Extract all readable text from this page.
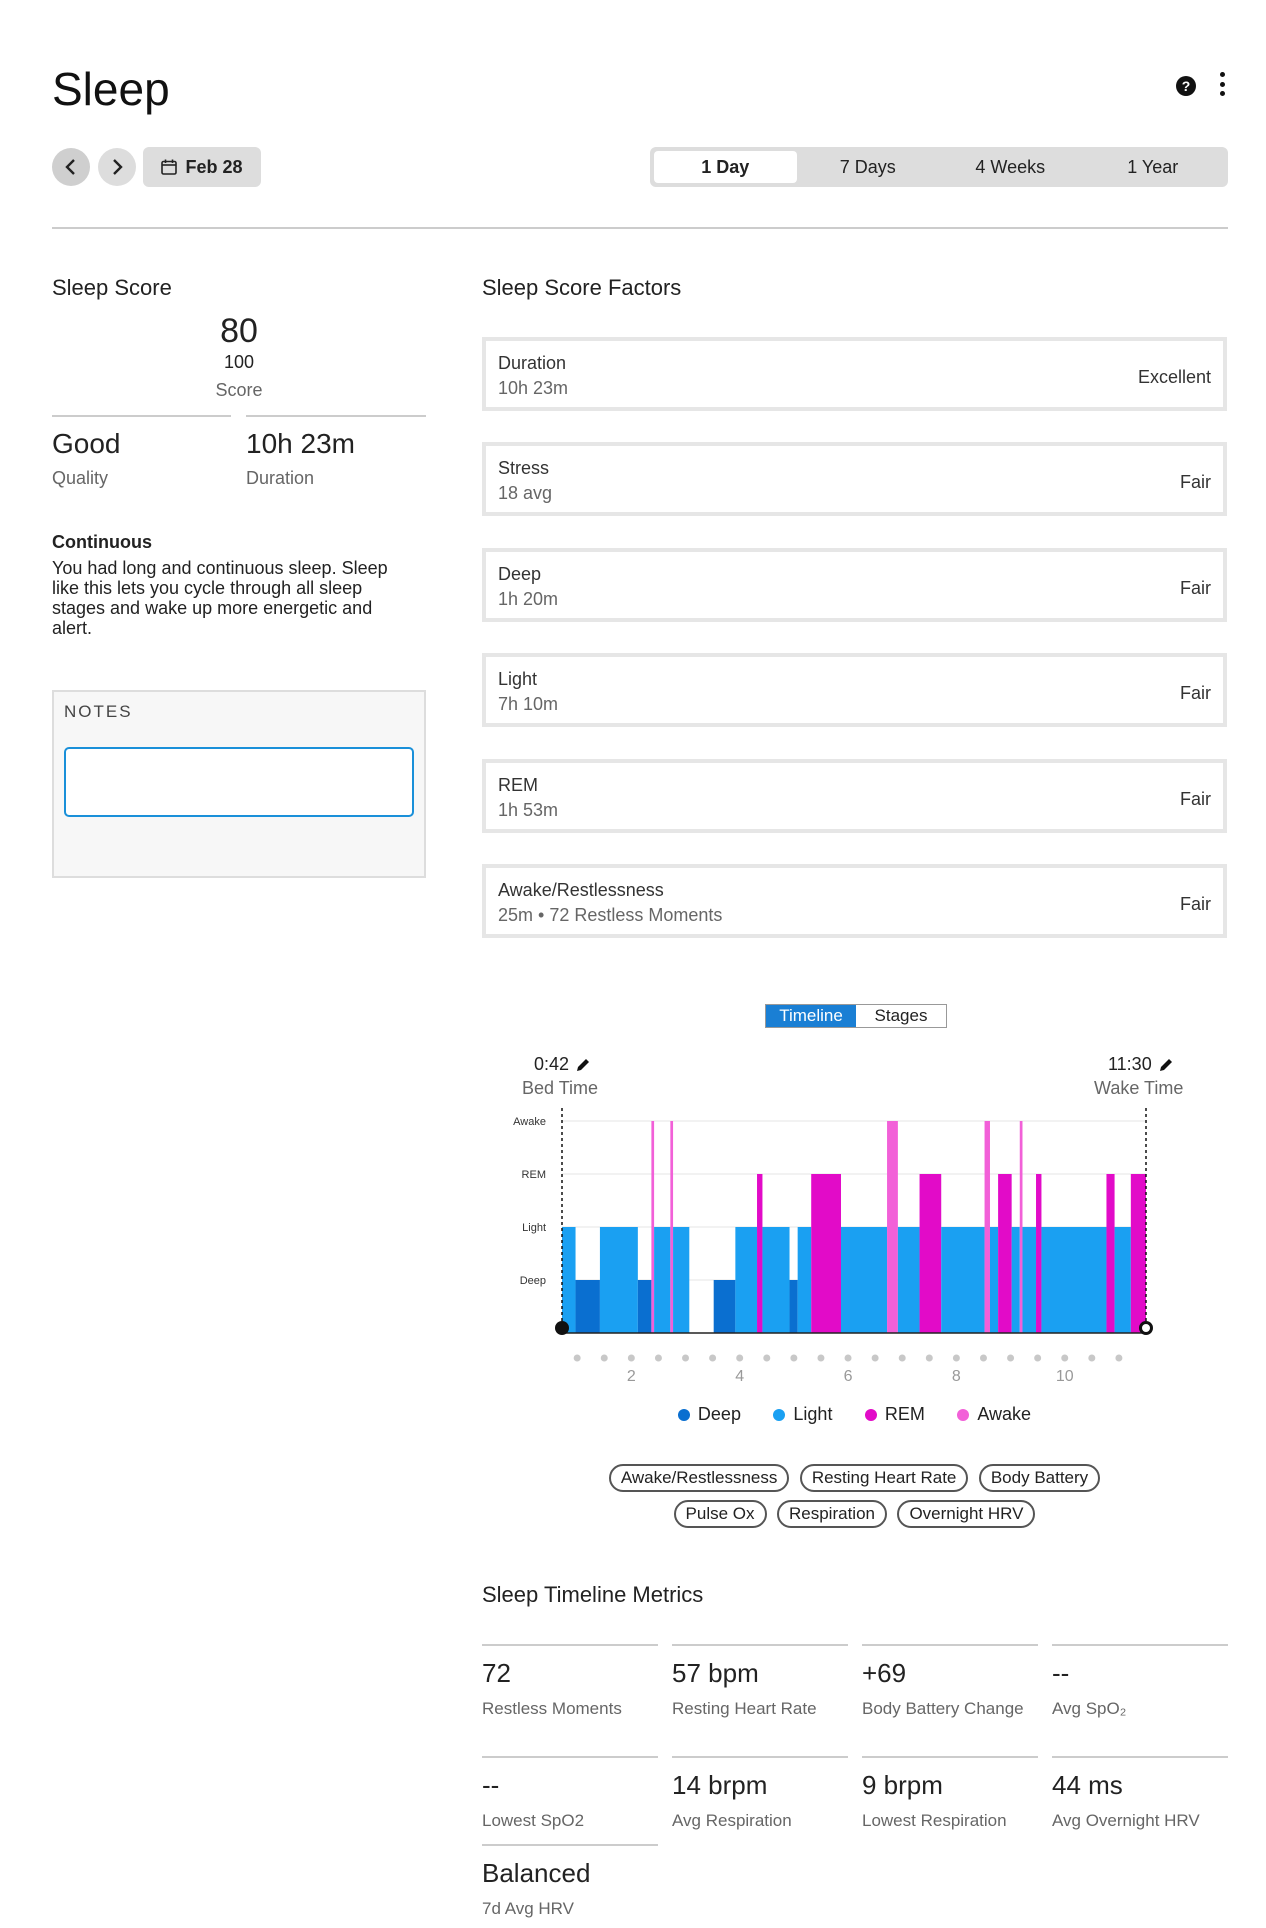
Sleep	?
Feb 28	1 Day	7 Days	4 Weeks	1 Year
Sleep Score
80
100
Score
Good
Quality
10h 23m
Duration
Continuous
You had long and continuous sleep. Sleep like this lets you cycle through all sleep stages and wake up more energetic and alert.
NOTES
Sleep Score Factors
Duration
10h 23m
Excellent
Stress
18 avg
Fair
Deep
1h 20m
Fair
Light
7h 10m
Fair
REM
1h 53m
Fair
Awake/Restlessness
25m • 72 Restless Moments
Fair
Timeline	Stages
0:42
Bed Time
11:30
Wake Time
Deep
Light
REM
Awake
2	4	6	8	10
Deep
	Light
	REM
	Awake
Awake/Restlessness Resting Heart Rate Body Battery
Pulse Ox Respiration Overnight HRV
Sleep Timeline Metrics
72
Restless Moments
57 bpm
Resting Heart Rate
+69
Body Battery Change
--
Avg SpO₂
--
Lowest SpO2
14 brpm
Avg Respiration
9 brpm
Lowest Respiration
44 ms
Avg Overnight HRV
Balanced
7d Avg HRV
